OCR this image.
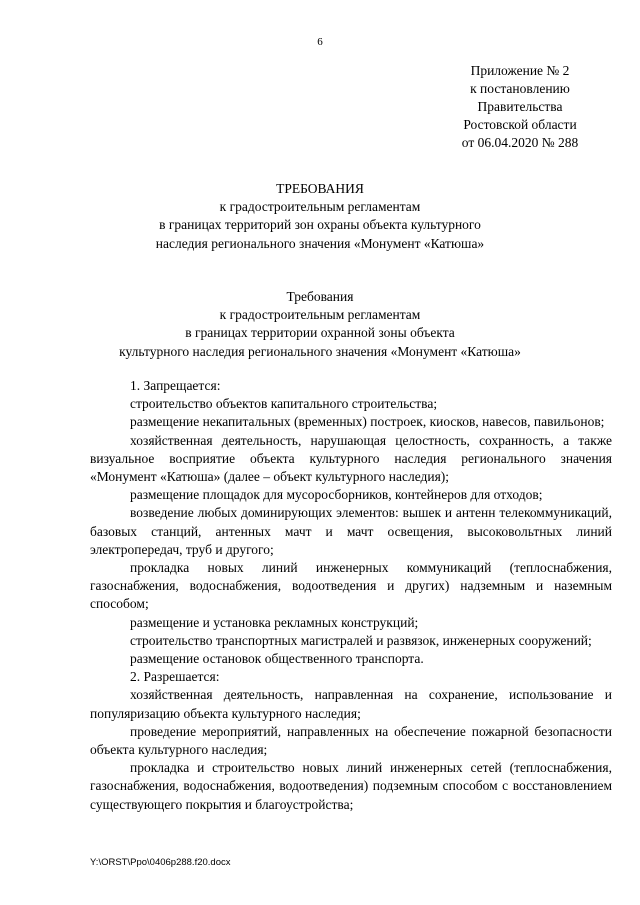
6
Приложение № 2
к постановлению
Правительства
Ростовской области
от 06.04.2020 № 288
ТРЕБОВАНИЯ
к градостроительным регламентам
в границах территорий зон охраны объекта культурного
наследия регионального значения «Монумент «Катюша»
Требования
к градостроительным регламентам
в границах территории охранной зоны объекта
культурного наследия регионального значения «Монумент «Катюша»

1. Запрещается:

строительство объектов капитального строительства;

размещение некапитальных (временных) построек, киосков, навесов, павильонов;

хозяйственная деятельность, нарушающая целостность, сохранность, а также визуальное восприятие объекта культурного наследия регионального значения «Монумент «Катюша» (далее – объект культурного наследия);

размещение площадок для мусоросборников, контейнеров для отходов;

возведение любых доминирующих элементов: вышек и антенн телекоммуникаций, базовых станций, антенных мачт и мачт освещения, высоковольтных линий электропередач, труб и другого;

прокладка новых линий инженерных коммуникаций (теплоснабжения, газоснабжения, водоснабжения, водоотведения и других) надземным и наземным способом;

размещение и установка рекламных конструкций;

строительство транспортных магистралей и развязок, инженерных сооружений;

размещение остановок общественного транспорта.

2. Разрешается:

хозяйственная деятельность, направленная на сохранение, использование и популяризацию объекта культурного наследия;

проведение мероприятий, направленных на обеспечение пожарной безопасности объекта культурного наследия;

прокладка и строительство новых линий инженерных сетей (теплоснабжения, газоснабжения, водоснабжения, водоотведения) подземным способом с восстановлением существующего покрытия и благоустройства;

Y:\ORST\Ppo\0406p288.f20.docx
